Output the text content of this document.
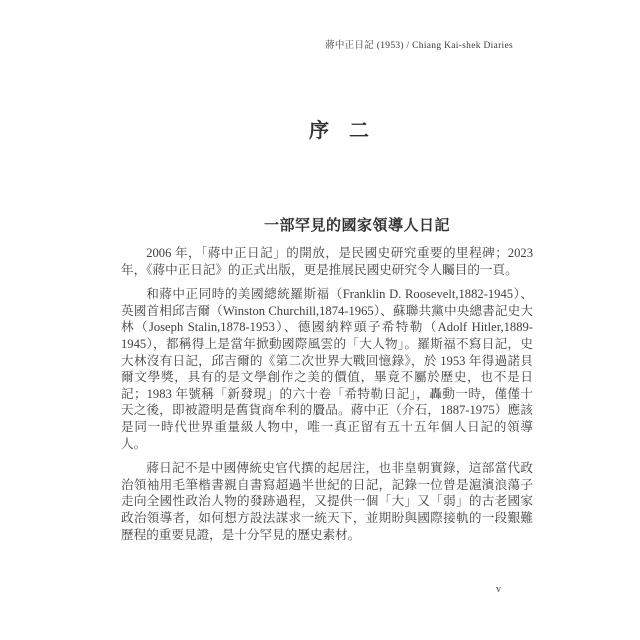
蔣中正日記 (1953) / Chiang Kai-shek Diaries
序　二
一部罕見的國家領導人日記

2006 年，「蔣中正日記」的開放，是民國史研究重要的里程碑；2023 年，《蔣中正日記》的正式出版，更是推展民國史研究令人矚目的一頁。

和蔣中正同時的美國總統羅斯福（Franklin D. Roosevelt,1882-1945）、英國首相邱吉爾（Winston Churchill,1874-1965）、蘇聯共黨中央總書記史大林（Joseph Stalin,1878-1953）、德國納粹頭子希特勒（Adolf Hitler,1889-1945），都稱得上是當年掀動國際風雲的「大人物」。羅斯福不寫日記，史大林沒有日記，邱吉爾的《第二次世界大戰回憶錄》，於 1953 年得過諾貝爾文學獎，具有的是文學創作之美的價值，畢竟不屬於歷史，也不是日記；1983 年號稱「新發現」的六十卷「希特勒日記」，轟動一時，僅僅十天之後，即被證明是舊貨商牟利的贗品。蔣中正（介石，1887-1975）應該是同一時代世界重量級人物中，唯一真正留有五十五年個人日記的領導人。

蔣日記不是中國傳統史官代撰的起居注，也非皇朝實錄，這部當代政治領袖用毛筆楷書親自書寫超過半世紀的日記，記錄一位曾是滬濱浪蕩子走向全國性政治人物的發跡過程，又提供一個「大」又「弱」的古老國家政治領導者，如何想方設法謀求一統天下，並期盼與國際接軌的一段艱難歷程的重要見證，是十分罕見的歷史素材。

v
